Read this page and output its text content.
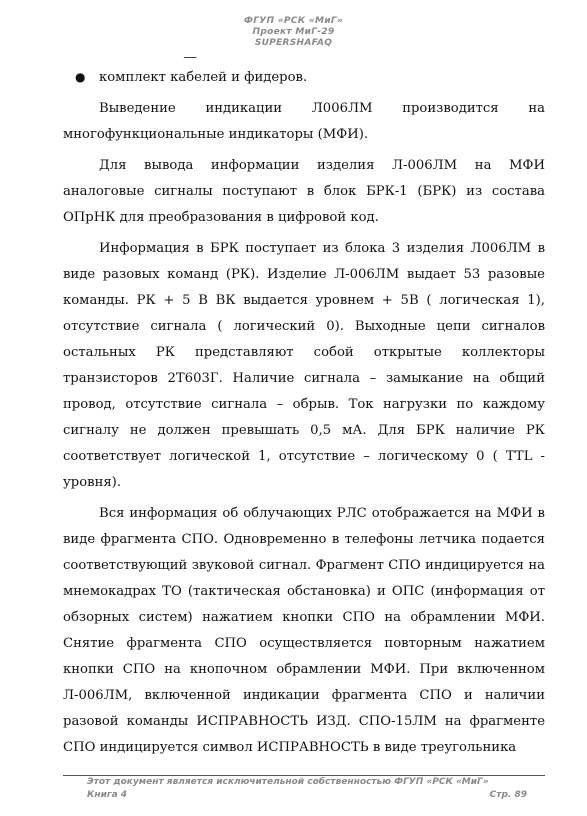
ФГУП «РСК «МиГ»
Проект МиГ-29
SUPERSHAFAQ
__
●	комплект кабелей и фидеров.

Выведение индикации Л006ЛМ производится на многофункциональные индикаторы (МФИ).

Для вывода информации изделия Л-006ЛМ на МФИ аналоговые сигналы поступают в блок БРК-1 (БРК) из состава ОПрНК для преобразования в цифровой код.

Информация в БРК поступает из блока 3 изделия Л006ЛМ в виде разовых команд (РК). Изделие Л-006ЛМ выдает 53 разовые команды. РК + 5 В ВК выдается уровнем + 5В ( логическая 1), отсутствие сигнала ( логический 0). Выходные цепи сигналов остальных РК представляют собой открытые коллекторы транзисторов 2Т603Г. Наличие сигнала – замыкание на общий провод, отсутствие сигнала – обрыв. Ток нагрузки по каждому сигналу не должен превышать 0,5 мА. Для БРК наличие РК соответствует логической 1, отсутствие – логическому 0 ( TTL - уровня).

Вся информация об облучающих РЛС отображается на МФИ в виде фрагмента СПО. Одновременно в телефоны летчика подается соответствующий звуковой сигнал. Фрагмент СПО индицируется на мнемокадрах ТО (тактическая обстановка) и ОПС (информация от обзорных систем) нажатием кнопки СПО на обрамлении МФИ. Снятие фрагмента СПО осуществляется повторным нажатием кнопки СПО на кнопочном обрамлении МФИ. При включенном Л-006ЛМ, включенной индикации фрагмента СПО и наличии разовой команды ИСПРАВНОСТЬ ИЗД. СПО-15ЛМ на фрагменте СПО индицируется символ ИСПРАВНОСТЬ в виде треугольника

Этот документ является исключительной собственностью ФГУП «РСК «МиГ»
Книга 4	Стр. 89
